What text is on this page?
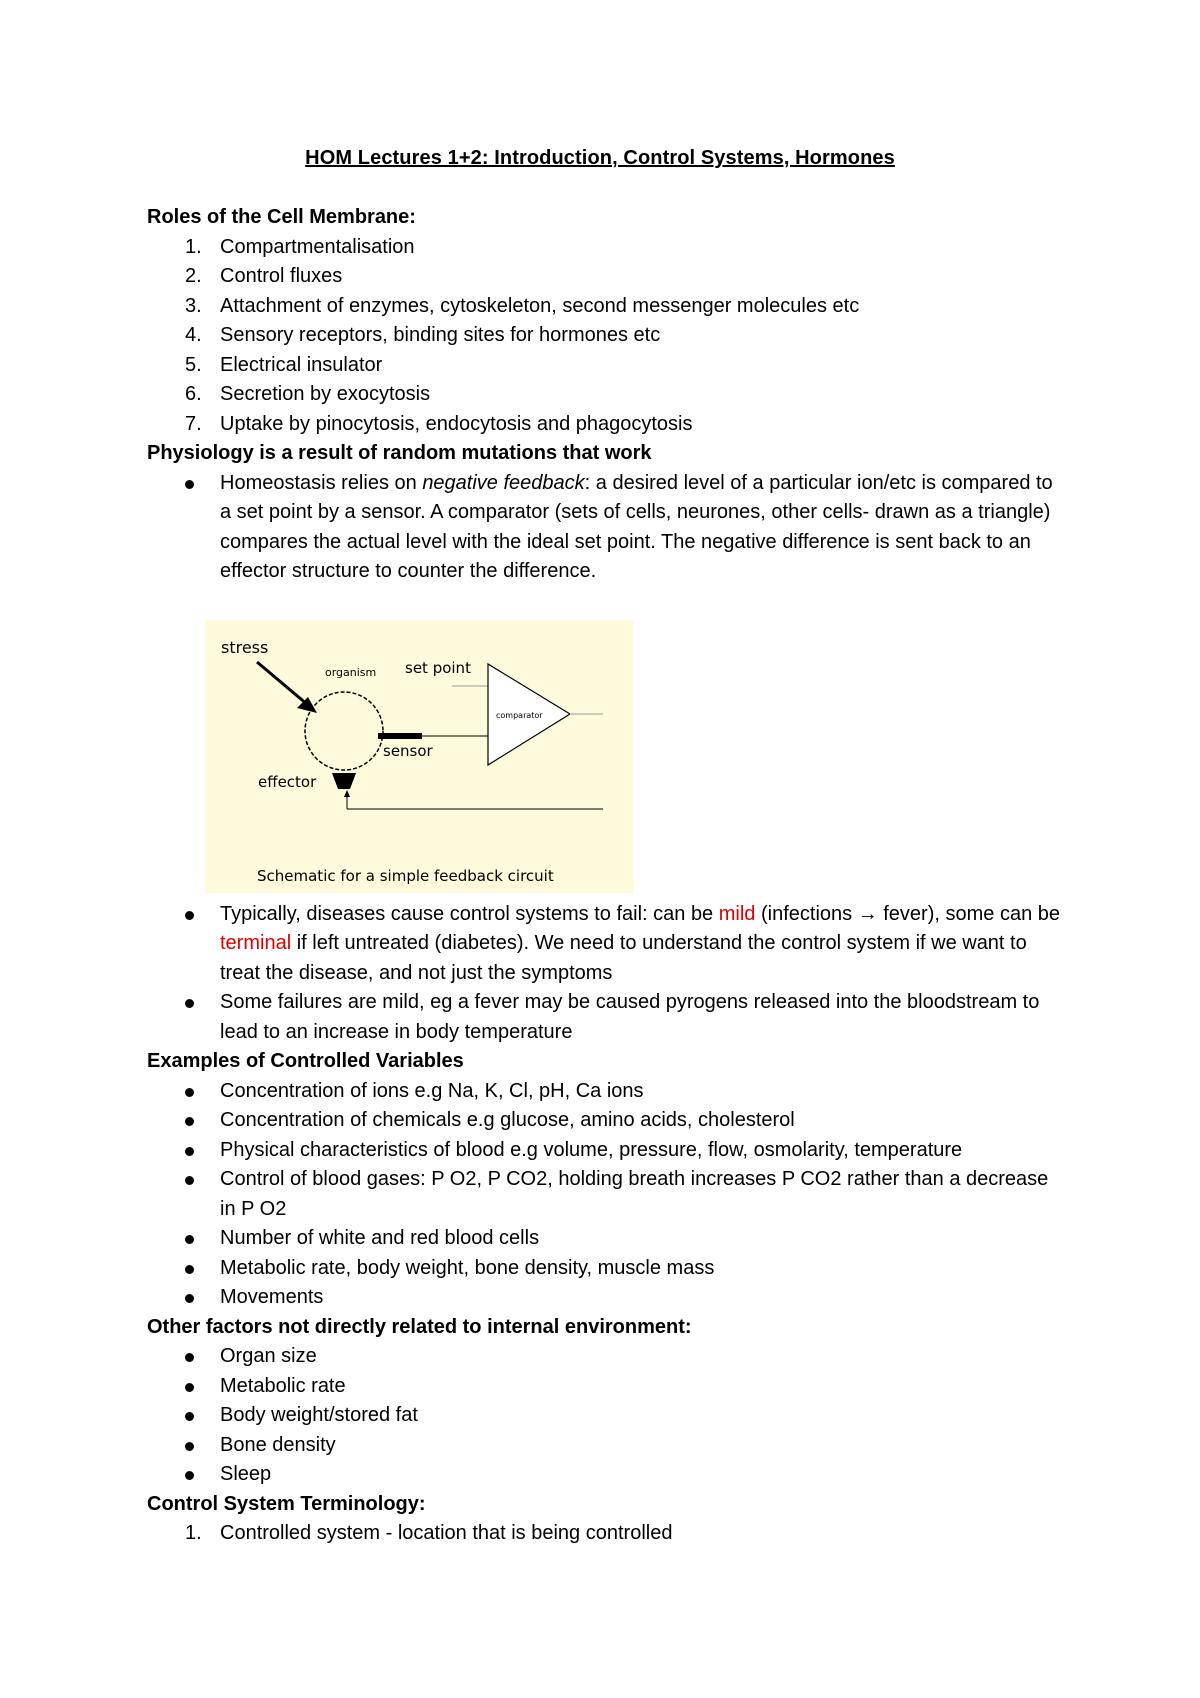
HOM Lectures 1+2: Introduction, Control Systems, Hormones

Roles of the Cell Membrane:

1. Compartmentalisation
2. Control fluxes
3. Attachment of enzymes, cytoskeleton, second messenger molecules etc
4. Sensory receptors, binding sites for hormones etc
5. Electrical insulator
6. Secretion by exocytosis
7. Uptake by pinocytosis, endocytosis and phagocytosis

Physiology is a result of random mutations that work

Homeostasis relies on negative feedback: a desired level of a particular ion/etc is compared to a set point by a sensor. A comparator (sets of cells, neurones, other cells- drawn as a triangle) compares the actual level with the ideal set point. The negative difference is sent back to an effector structure to counter the difference.
stress
organism set point
comparator
sensor
effector
Schematic for a simple feedback circuit
Typically, diseases cause control systems to fail: can be mild (infections → fever), some can be terminal if left untreated (diabetes). We need to understand the control system if we want to treat the disease, and not just the symptoms
Some failures are mild, eg a fever may be caused pyrogens released into the bloodstream to lead to an increase in body temperature

Examples of Controlled Variables

Concentration of ions e.g Na, K, Cl, pH, Ca ions
Concentration of chemicals e.g glucose, amino acids, cholesterol
Physical characteristics of blood e.g volume, pressure, flow, osmolarity, temperature
Control of blood gases: P O2, P CO2, holding breath increases P CO2 rather than a decrease in P O2
Number of white and red blood cells
Metabolic rate, body weight, bone density, muscle mass
Movements

Other factors not directly related to internal environment:

Organ size
Metabolic rate
Body weight/stored fat
Bone density
Sleep

Control System Terminology:

1. Controlled system - location that is being controlled
